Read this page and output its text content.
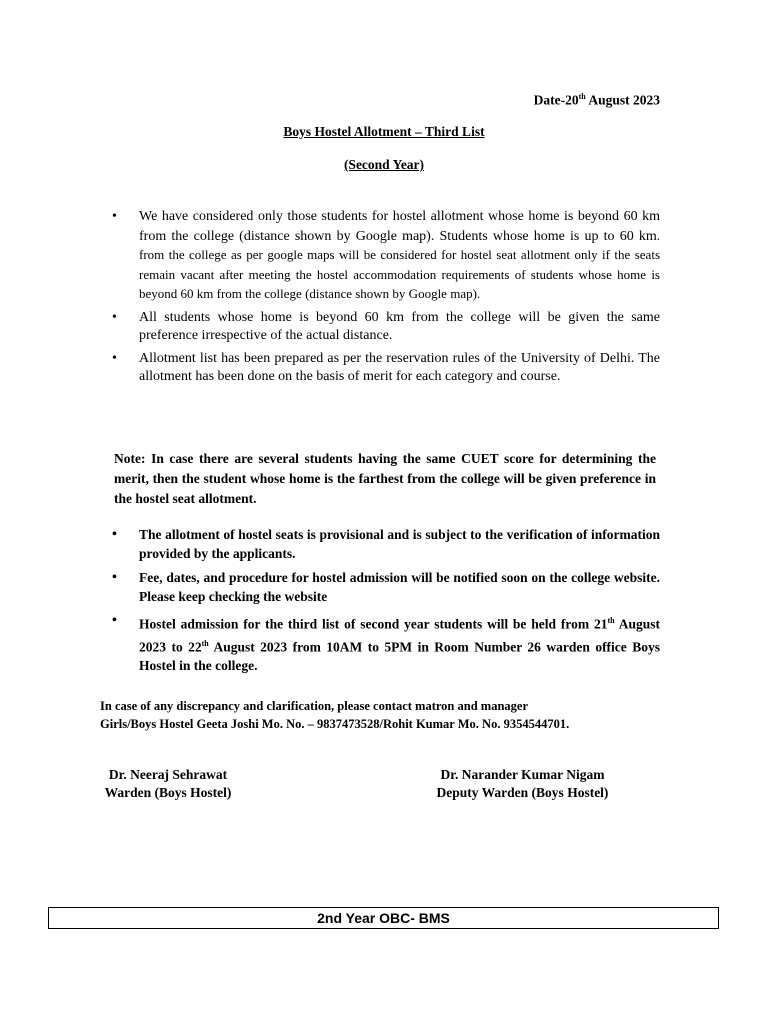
Date-20th August 2023
Boys Hostel Allotment – Third List
(Second Year)
• We have considered only those students for hostel allotment whose home is beyond 60 km from the college (distance shown by Google map). Students whose home is up to 60 km. from the college as per google maps will be considered for hostel seat allotment only if the seats remain vacant after meeting the hostel accommodation requirements of students whose home is beyond 60 km from the college (distance shown by Google map).
• All students whose home is beyond 60 km from the college will be given the same preference irrespective of the actual distance.
• Allotment list has been prepared as per the reservation rules of the University of Delhi. The allotment has been done on the basis of merit for each category and course.
Note: In case there are several students having the same CUET score for determining the merit, then the student whose home is the farthest from the college will be given preference in the hostel seat allotment.
• The allotment of hostel seats is provisional and is subject to the verification of information provided by the applicants.
• Fee, dates, and procedure for hostel admission will be notified soon on the college website. Please keep checking the website
• Hostel admission for the third list of second year students will be held from 21th August 2023 to 22th August 2023 from 10AM to 5PM in Room Number 26 warden office Boys Hostel in the college.
In case of any discrepancy and clarification, please contact matron and manager
Girls/Boys Hostel Geeta Joshi Mo. No. – 9837473528/Rohit Kumar Mo. No. 9354544701.
Dr. Neeraj Sehrawat
Warden (Boys Hostel)
Dr. Narander Kumar Nigam
Deputy Warden (Boys Hostel)
2nd Year OBC- BMS
